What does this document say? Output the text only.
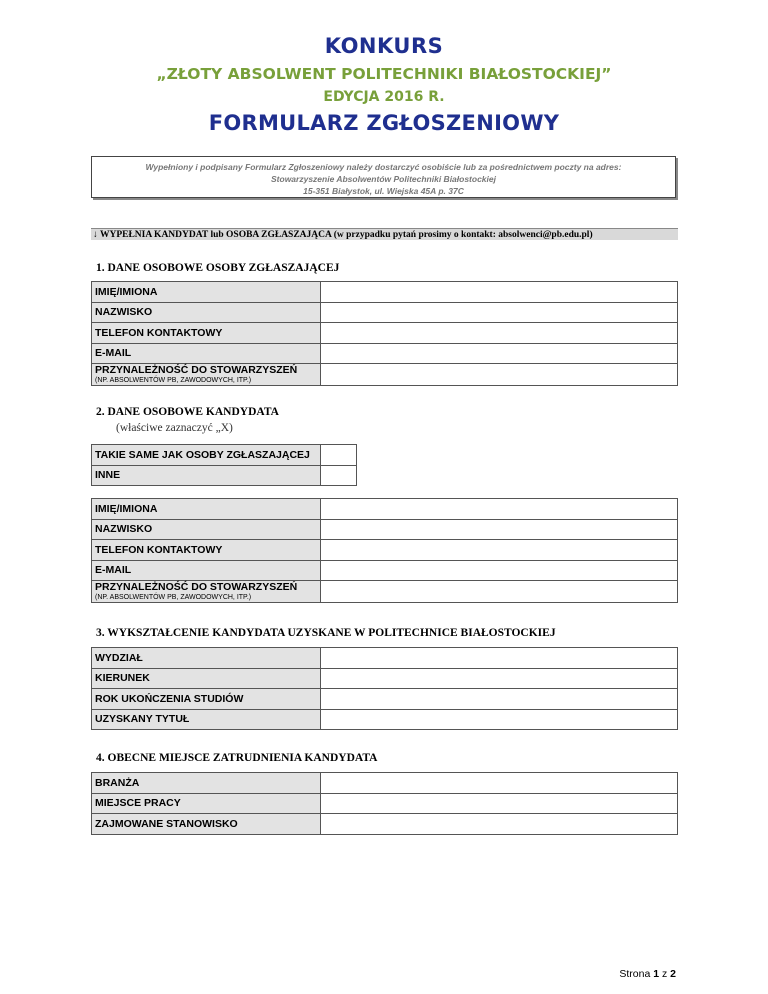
KONKURS
„ZŁOTY ABSOLWENT POLITECHNIKI BIAŁOSTOCKIEJ”
EDYCJA 2016 R.
FORMULARZ ZGŁOSZENIOWY
Wypełniony i podpisany Formularz Zgłoszeniowy należy dostarczyć osobiście lub za pośrednictwem poczty na adres:
Stowarzyszenie Absolwentów Politechniki Białostockiej
15-351 Białystok, ul. Wiejska 45A p. 37C
↓ WYPEŁNIA KANDYDAT lub OSOBA ZGŁASZAJĄCA (w przypadku pytań prosimy o kontakt: absolwenci@pb.edu.pl)
1. DANE OSOBOWE OSOBY ZGŁASZAJĄCEJ
IMIĘ/IMIONA	
NAZWISKO	
TELEFON KONTAKTOWY	
E-MAIL	
PRZYNALEŻNOŚĆ DO STOWARZYSZEŃ
(NP. ABSOLWENTÓW PB, ZAWODOWYCH, ITP.)	

2. DANE OSOBOWE KANDYDATA
(właściwe zaznaczyć „X)
TAKIE SAME JAK OSOBY ZGŁASZAJĄCEJ	
INNE	
IMIĘ/IMIONA	
NAZWISKO	
TELEFON KONTAKTOWY	
E-MAIL	
PRZYNALEŻNOŚĆ DO STOWARZYSZEŃ
(NP. ABSOLWENTÓW PB, ZAWODOWYCH, ITP.)	

3. WYKSZTAŁCENIE KANDYDATA UZYSKANE W POLITECHNICE BIAŁOSTOCKIEJ
WYDZIAŁ	
KIERUNEK	
ROK UKOŃCZENIA STUDIÓW	
UZYSKANY TYTUŁ	
4. OBECNE MIEJSCE ZATRUDNIENIA KANDYDATA
BRANŻA	
MIEJSCE PRACY	
ZAJMOWANE STANOWISKO	
Strona 1 z 2
